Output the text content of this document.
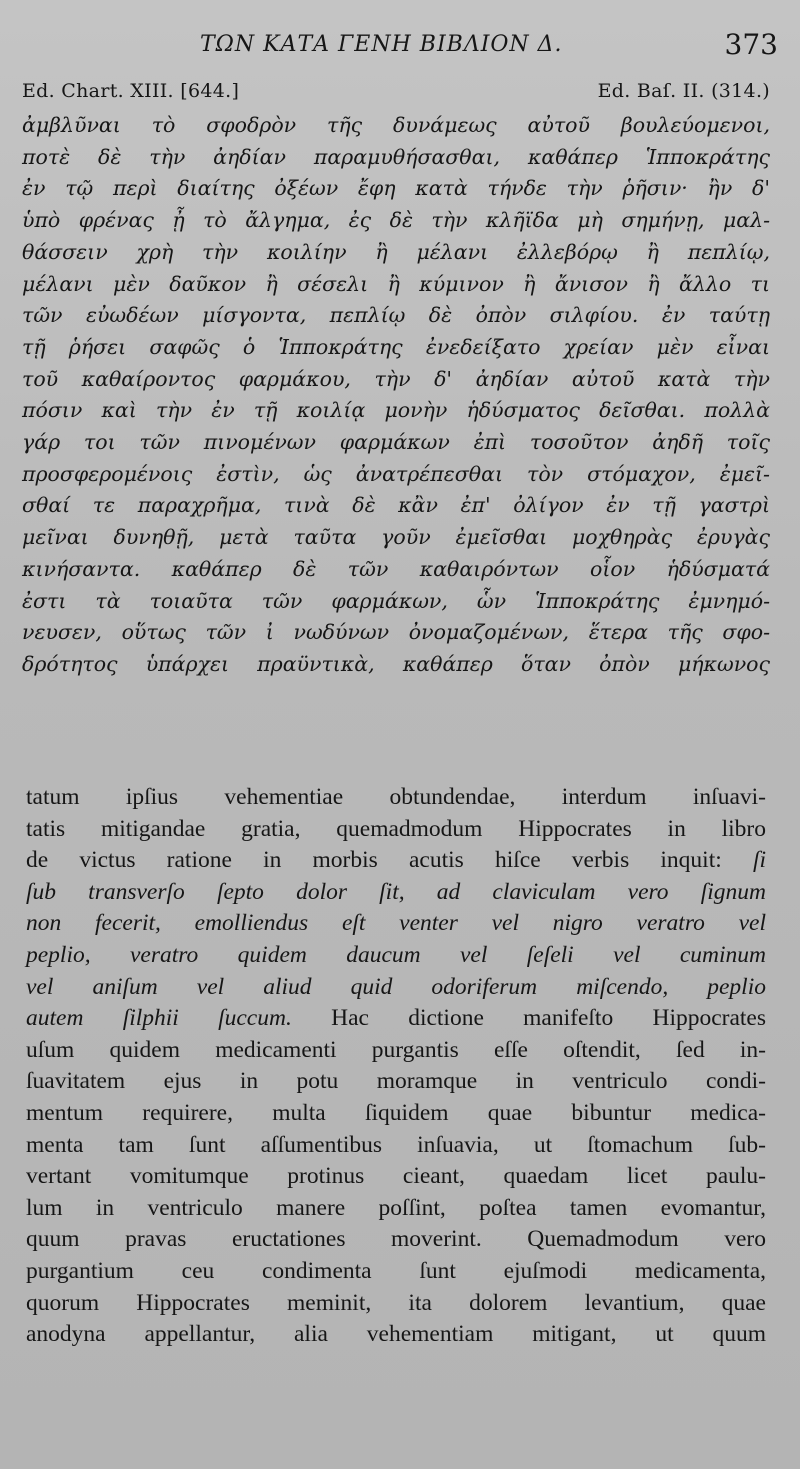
ΤΩΝ ΚΑΤΑ ΓΕΝΗ ΒΙΒΛΙΟΝ Δ.	373
Ed. Chart. XIII. [644.]	Ed. Baſ. II. (314.)
ἀμβλῦναι τὸ σφοδρὸν τῆς δυνάμεως αὐτοῦ βουλεύομενοι,
ποτὲ δὲ τὴν ἀηδίαν παραμυθήσασθαι, καθάπερ Ἱπποκράτης
ἐν τῷ περὶ διαίτης ὀξέων ἔφη κατὰ τήνδε τὴν ῥῆσιν· ἢν δ'
ὑπὸ φρένας ᾖ τὸ ἄλγημα, ἐς δὲ τὴν κλῆϊδα μὴ σημήνῃ, μαλ-
θάσσειν χρὴ τὴν κοιλίην ἢ μέλανι ἐλλεβόρῳ ἢ πεπλίῳ,
μέλανι μὲν δαῦκον ἢ σέσελι ἢ κύμινον ἢ ἄνισον ἢ ἄλλο τι
τῶν εὐωδέων μίσγοντα, πεπλίῳ δὲ ὀπὸν σιλφίου. ἐν ταύτῃ
τῇ ῥήσει σαφῶς ὁ Ἱπποκράτης ἐνεδείξατο χρείαν μὲν εἶναι
τοῦ καθαίροντος φαρμάκου, τὴν δ' ἀηδίαν αὐτοῦ κατὰ τὴν
πόσιν καὶ τὴν ἐν τῇ κοιλίᾳ μονὴν ἡδύσματος δεῖσθαι. πολλὰ
γάρ τοι τῶν πινομένων φαρμάκων ἐπὶ τοσοῦτον ἀηδῆ τοῖς
προσφερομένοις ἐστὶν, ὡς ἀνατρέπεσθαι τὸν στόμαχον, ἐμεῖ-
σθαί τε παραχρῆμα, τινὰ δὲ κἂν ἐπ' ὀλίγον ἐν τῇ γαστρὶ
μεῖναι δυνηθῇ, μετὰ ταῦτα γοῦν ἐμεῖσθαι μοχθηρὰς ἐρυγὰς
κινήσαντα. καθάπερ δὲ τῶν καθαιρόντων οἷον ἡδύσματά
ἐστι τὰ τοιαῦτα τῶν φαρμάκων, ὧν Ἱπποκράτης ἐμνημό-
νευσεν, οὕτως τῶν ἰ νωδύνων ὀνομαζομένων, ἕτερα τῆς σφο-
δρότητος ὑπάρχει πραϋντικὰ, καθάπερ ὅταν ὀπὸν μήκωνος
tatum ipſius vehementiae obtundendae, interdum inſuavi-
tatis mitigandae gratia, quemadmodum Hippocrates in libro
de victus ratione in morbis acutis hiſce verbis inquit: ſi
ſub transverſo ſepto dolor ſit, ad claviculam vero ſignum
non fecerit, emolliendus eſt venter vel nigro veratro vel
peplio, veratro quidem daucum vel ſeſeli vel cuminum
vel aniſum vel aliud quid odoriferum miſcendo, peplio
autem ſilphii ſuccum. Hac dictione manifeſto Hippocrates
uſum quidem medicamenti purgantis eſſe oſtendit, ſed in-
ſuavitatem ejus in potu moramque in ventriculo condi-
mentum requirere, multa ſiquidem quae bibuntur medica-
menta tam ſunt aſſumentibus inſuavia, ut ſtomachum ſub-
vertant vomitumque protinus cieant, quaedam licet paulu-
lum in ventriculo manere poſſint, poſtea tamen evomantur,
quum pravas eructationes moverint. Quemadmodum vero
purgantium ceu condimenta ſunt ejuſmodi medicamenta,
quorum Hippocrates meminit, ita dolorem levantium, quae
anodyna appellantur, alia vehementiam mitigant, ut quum
